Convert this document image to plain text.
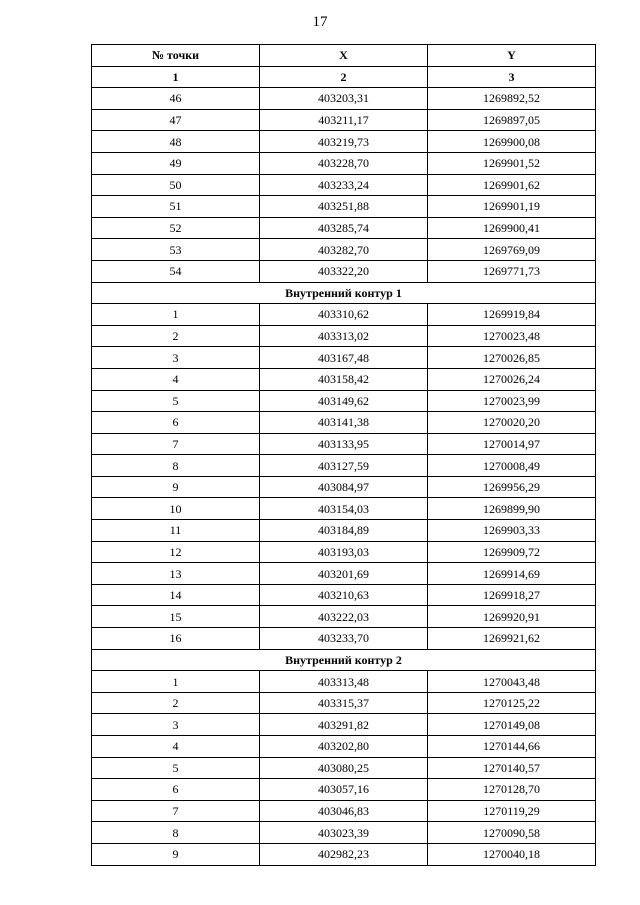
17
№ точки	X	Y
1	2	3
46	403203,31	1269892,52
47	403211,17	1269897,05
48	403219,73	1269900,08
49	403228,70	1269901,52
50	403233,24	1269901,62
51	403251,88	1269901,19
52	403285,74	1269900,41
53	403282,70	1269769,09
54	403322,20	1269771,73
Внутренний контур 1		
1	403310,62	1269919,84
2	403313,02	1270023,48
3	403167,48	1270026,85
4	403158,42	1270026,24
5	403149,62	1270023,99
6	403141,38	1270020,20
7	403133,95	1270014,97
8	403127,59	1270008,49
9	403084,97	1269956,29
10	403154,03	1269899,90
11	403184,89	1269903,33
12	403193,03	1269909,72
13	403201,69	1269914,69
14	403210,63	1269918,27
15	403222,03	1269920,91
16	403233,70	1269921,62
Внутренний контур 2		
1	403313,48	1270043,48
2	403315,37	1270125,22
3	403291,82	1270149,08
4	403202,80	1270144,66
5	403080,25	1270140,57
6	403057,16	1270128,70
7	403046,83	1270119,29
8	403023,39	1270090,58
9	402982,23	1270040,18
